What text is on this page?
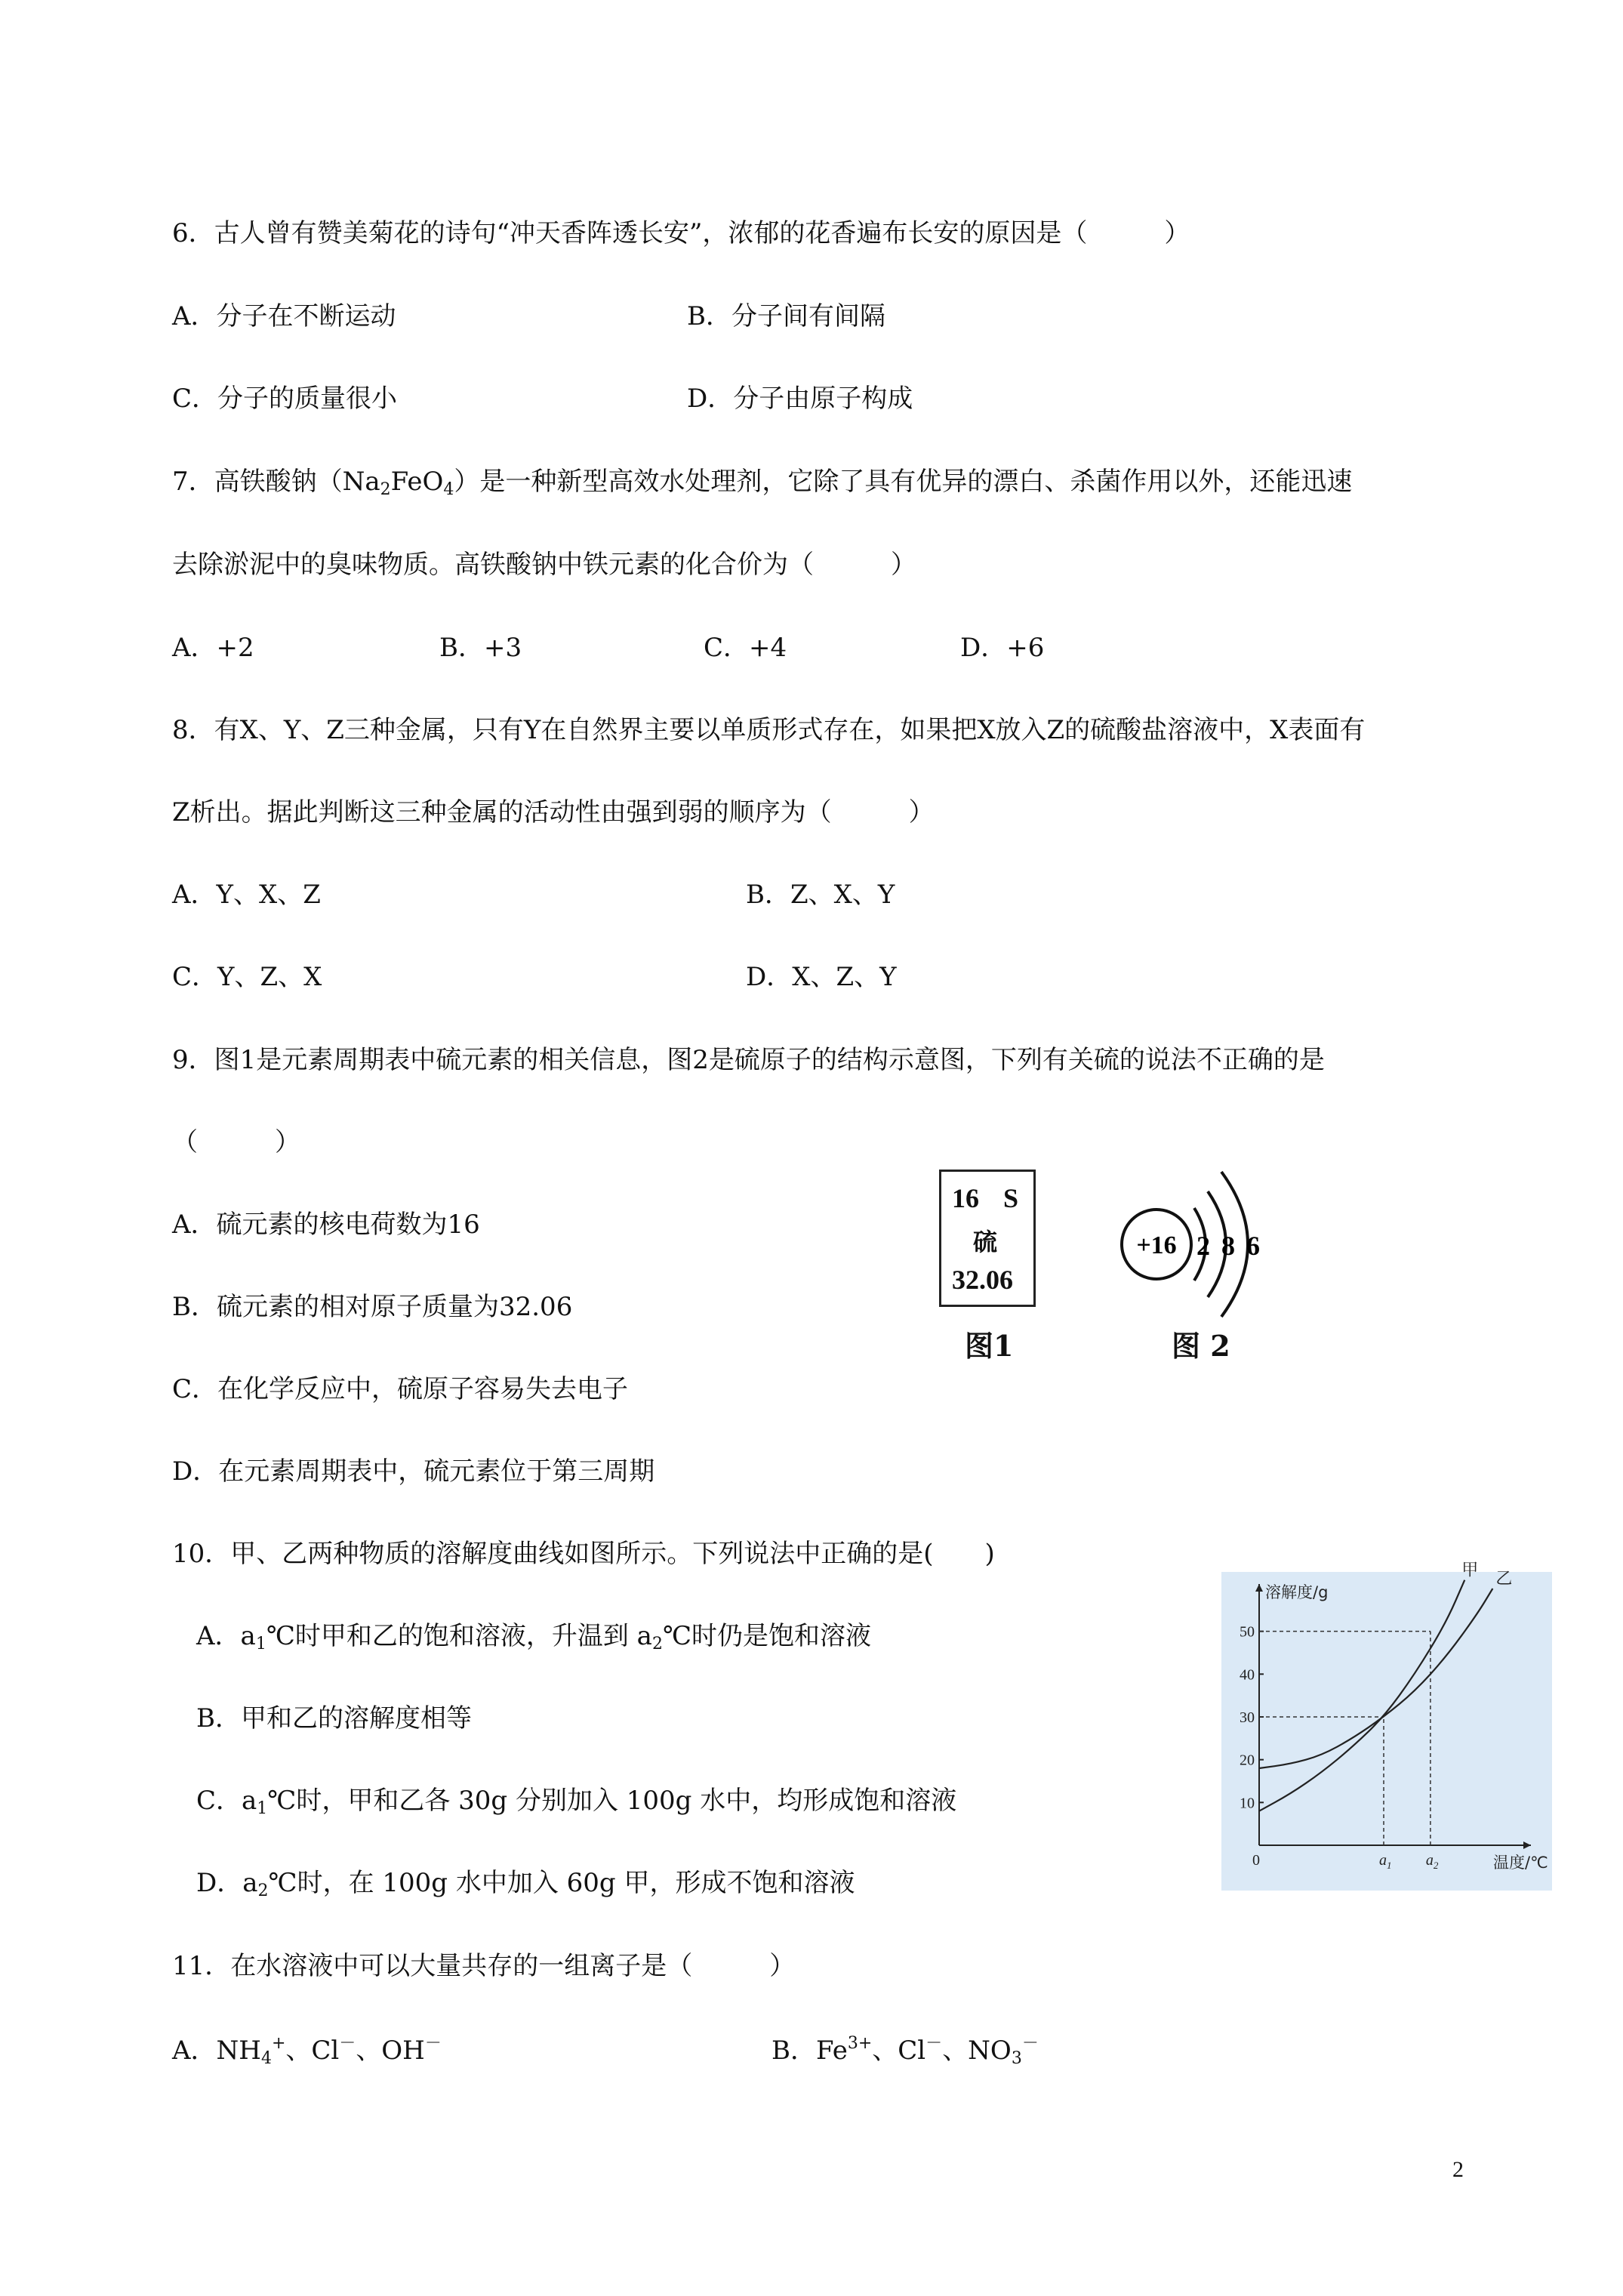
6．古人曾有赞美菊花的诗句“冲天香阵透长安”，浓郁的花香遍布长安的原因是（　　　）
A．分子在不断运动	B．分子间有间隔
C．分子的质量很小	D．分子由原子构成
7．高铁酸钠$(Na_2FeO_4)$是一种新型高效水处理剂，它除了具有优异的漂白、杀菌作用以外，还能迅速
去除淤泥中的臭味物质。高铁酸钠中铁元素的化合价为（　　　）
A．+2	B．+3	C．+4	D．+6
8．有X、Y、Z三种金属，只有Y在自然界主要以单质形式存在，如果把X放入Z的硫酸盐溶液中，X表面有
Z析出。据此判断这三种金属的活动性由强到弱的顺序为（　　　）
A．Y、X、Z	B．Z、X、Y
C．Y、Z、X	D．X、Z、Y
9．图1是元素周期表中硫元素的相关信息，图2是硫原子的结构示意图，下列有关硫的说法不正确的是
（　　　）
A．硫元素的核电荷数为16
B．硫元素的相对原子质量为32.06
C．在化学反应中，硫原子容易失去电子
D．在元素周期表中，硫元素位于第三周期
16 S
硫
32.06
图1
+16 2 8 6
图 2
10．甲、乙两种物质的溶解度曲线如图所示。下列说法中正确的是(　　)
A．$a_1℃$时甲和乙的饱和溶液，升温到 $a_2℃$时仍是饱和溶液
B．甲和乙的溶解度相等
C．$a_1℃$时，甲和乙各 30g 分别加入 100g 水中，均形成饱和溶液
D．$a_2℃$时，在 100g 水中加入 60g 甲，形成不饱和溶液
10
20
30
40
50
0
溶解度/g
温度/℃
$a_1$ $a_2$
甲 乙
11．在水溶液中可以大量共存的一组离子是（　　　）
A．$NH_4^+$、Cl－、OH－	B．$Fe^{3+}$、Cl－、$NO_3^-$
2
